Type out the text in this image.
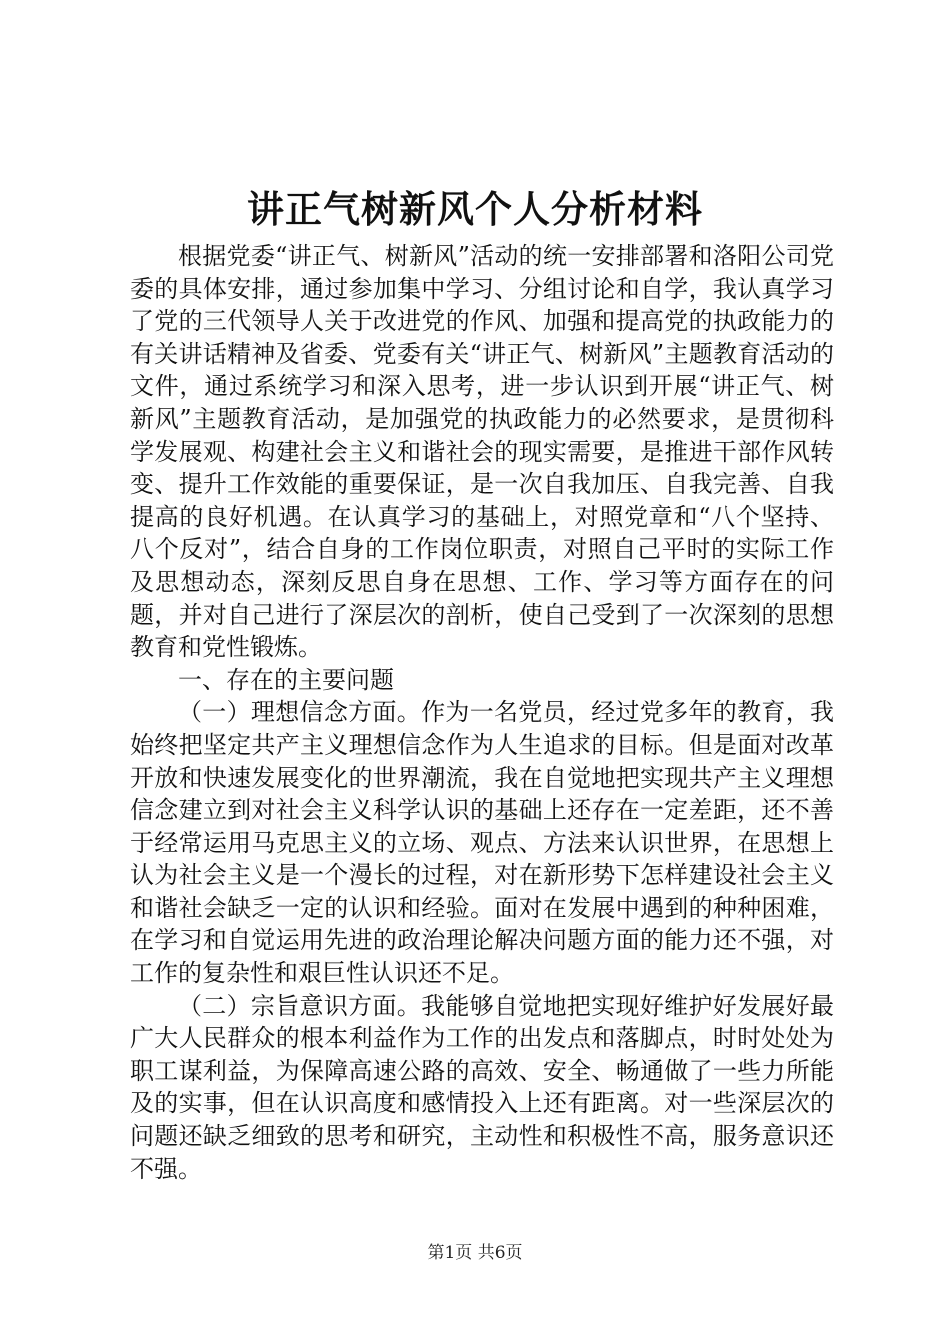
讲正气树新风个人分析材料

根据党委“讲正气、树新风”活动的统一安排部署和洛阳公司党委的具体安排，通过参加集中学习、分组讨论和自学，我认真学习了党的三代领导人关于改进党的作风、加强和提高党的执政能力的有关讲话精神及省委、党委有关“讲正气、树新风”主题教育活动的文件，通过系统学习和深入思考，进一步认识到开展“讲正气、树新风”主题教育活动，是加强党的执政能力的必然要求，是贯彻科学发展观、构建社会主义和谐社会的现实需要，是推进干部作风转变、提升工作效能的重要保证，是一次自我加压、自我完善、自我提高的良好机遇。在认真学习的基础上，对照党章和“八个坚持、八个反对”，结合自身的工作岗位职责，对照自己平时的实际工作及思想动态，深刻反思自身在思想、工作、学习等方面存在的问题，并对自己进行了深层次的剖析，使自己受到了一次深刻的思想教育和党性锻炼。

一、存在的主要问题

（一）理想信念方面。作为一名党员，经过党多年的教育，我始终把坚定共产主义理想信念作为人生追求的目标。但是面对改革开放和快速发展变化的世界潮流，我在自觉地把实现共产主义理想信念建立到对社会主义科学认识的基础上还存在一定差距，还不善于经常运用马克思主义的立场、观点、方法来认识世界，在思想上认为社会主义是一个漫长的过程，对在新形势下怎样建设社会主义和谐社会缺乏一定的认识和经验。面对在发展中遇到的种种困难，在学习和自觉运用先进的政治理论解决问题方面的能力还不强，对工作的复杂性和艰巨性认识还不足。

（二）宗旨意识方面。我能够自觉地把实现好维护好发展好最广大人民群众的根本利益作为工作的出发点和落脚点，时时处处为职工谋利益，为保障高速公路的高效、安全、畅通做了一些力所能及的实事，但在认识高度和感情投入上还有距离。对一些深层次的问题还缺乏细致的思考和研究，主动性和积极性不高，服务意识还不强。

第1页 共6页
